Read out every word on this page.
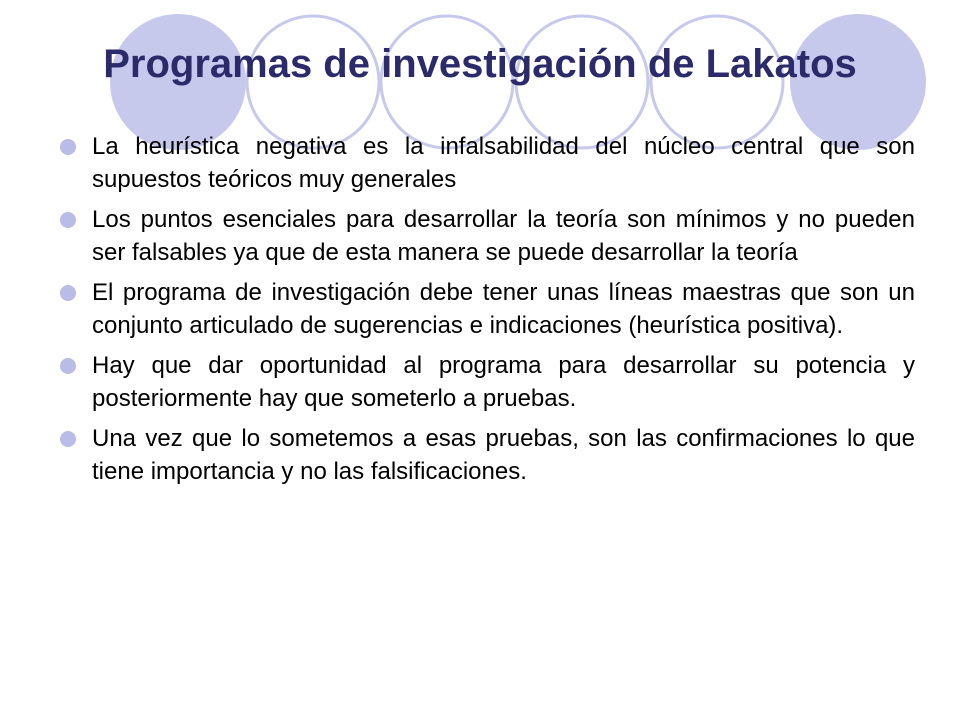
Programas de investigación de Lakatos
La heurística negativa es la infalsabilidad del núcleo central que son supuestos teóricos muy generales
Los puntos esenciales para desarrollar la teoría son mínimos y no pueden ser falsables ya que de esta manera se puede desarrollar la teoría
El programa de investigación debe tener unas líneas maestras que son un conjunto articulado de sugerencias e indicaciones (heurística positiva).
Hay que dar oportunidad al programa para desarrollar su potencia y posteriormente hay que someterlo a pruebas.
Una vez que lo sometemos a esas pruebas, son las confirmaciones lo que tiene importancia y no las falsificaciones.
